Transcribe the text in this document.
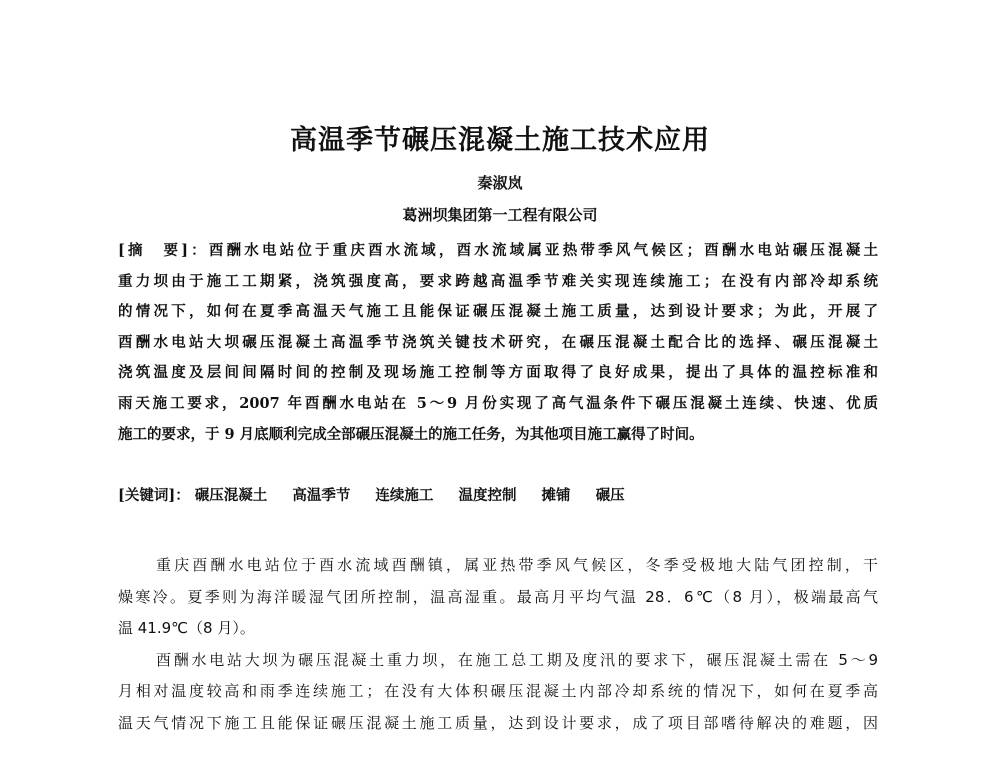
高温季节碾压混凝土施工技术应用
秦淑岚
葛洲坝集团第一工程有限公司
[摘　要]：酉酬水电站位于重庆酉水流域，酉水流域属亚热带季风气候区；酉酬水电站碾压混凝土
重力坝由于施工工期紧，浇筑强度高，要求跨越高温季节难关实现连续施工；在没有内部冷却系统
的情况下，如何在夏季高温天气施工且能保证碾压混凝土施工质量，达到设计要求；为此，开展了
酉酬水电站大坝碾压混凝土高温季节浇筑关键技术研究，在碾压混凝土配合比的选择、碾压混凝土
浇筑温度及层间间隔时间的控制及现场施工控制等方面取得了良好成果，提出了具体的温控标准和
雨天施工要求，2007 年酉酬水电站在 5～9 月份实现了高气温条件下碾压混凝土连续、快速、优质
施工的要求，于 9 月底顺利完成全部碾压混凝土的施工任务，为其他项目施工赢得了时间。
[关键词]： 碾压混凝土 高温季节 连续施工 温度控制 摊铺 碾压
重庆酉酬水电站位于酉水流域酉酬镇，属亚热带季风气候区，冬季受极地大陆气团控制，干
燥寒冷。夏季则为海洋暖湿气团所控制，温高湿重。最高月平均气温 28．6℃（8 月），极端最高气
温 41.9℃（8 月）。
酉酬水电站大坝为碾压混凝土重力坝，在施工总工期及度汛的要求下，碾压混凝土需在 5～9
月相对温度较高和雨季连续施工；在没有大体积碾压混凝土内部冷却系统的情况下，如何在夏季高
温天气情况下施工且能保证碾压混凝土施工质量，达到设计要求，成了项目部嗜待解决的难题，因
